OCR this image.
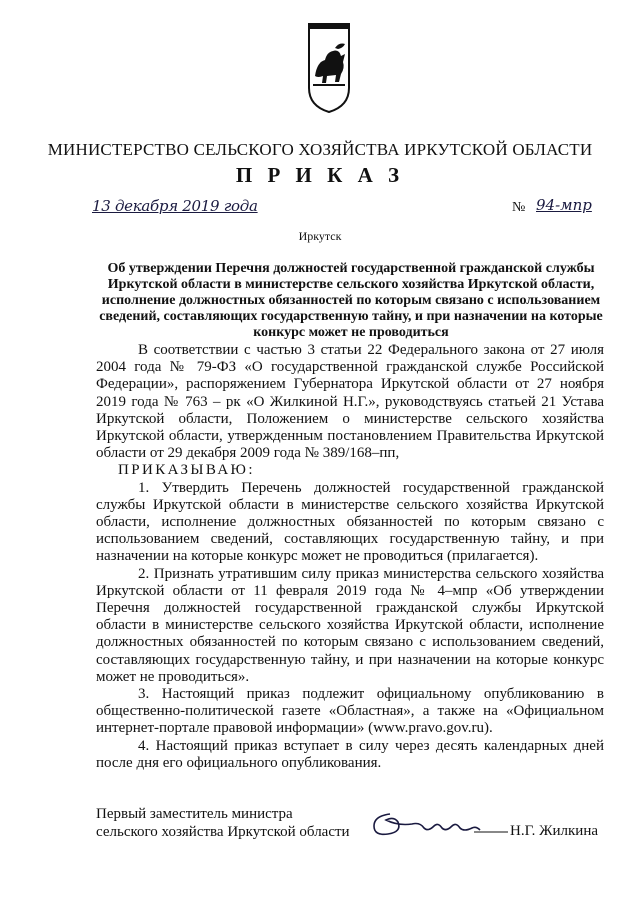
МИНИСТЕРСТВО СЕЛЬСКОГО ХОЗЯЙСТВА ИРКУТСКОЙ ОБЛАСТИ
П Р И К А З
13 декабря 2019 года	№ 94-мпр
Иркутск
Об утверждении Перечня должностей государственной гражданской службы Иркутской области в министерстве сельского хозяйства Иркутской области, исполнение должностных обязанностей по которым связано с использованием сведений, составляющих государственную тайну, и при назначении на которые конкурс может не проводиться

В соответствии с частью 3 статьи 22 Федерального закона от 27 июля 2004 года № 79-ФЗ «О государственной гражданской службе Российской Федерации», распоряжением Губернатора Иркутской области от 27 ноября 2019 года № 763 – рк «О Жилкиной Н.Г.», руководствуясь статьей 21 Устава Иркутской области, Положением о министерстве сельского хозяйства Иркутской области, утвержденным постановлением Правительства Иркутской области от 29 декабря 2009 года № 389/168–пп,

ПРИКАЗЫВАЮ:

1. Утвердить Перечень должностей государственной гражданской службы Иркутской области в министерстве сельского хозяйства Иркутской области, исполнение должностных обязанностей по которым связано с использованием сведений, составляющих государственную тайну, и при назначении на которые конкурс может не проводиться (прилагается).

2. Признать утратившим силу приказ министерства сельского хозяйства Иркутской области от 11 февраля 2019 года № 4–мпр «Об утверждении Перечня должностей государственной гражданской службы Иркутской области в министерстве сельского хозяйства Иркутской области, исполнение должностных обязанностей по которым связано с использованием сведений, составляющих государственную тайну, и при назначении на которые конкурс может не проводиться».

3. Настоящий приказ подлежит официальному опубликованию в общественно-политической газете «Областная», а также на «Официальном интернет-портале правовой информации» (www.pravo.gov.ru).

4. Настоящий приказ вступает в силу через десять календарных дней после дня его официального опубликования.

Первый заместитель министра
сельского хозяйства Иркутской области	Н.Г. Жилкина
